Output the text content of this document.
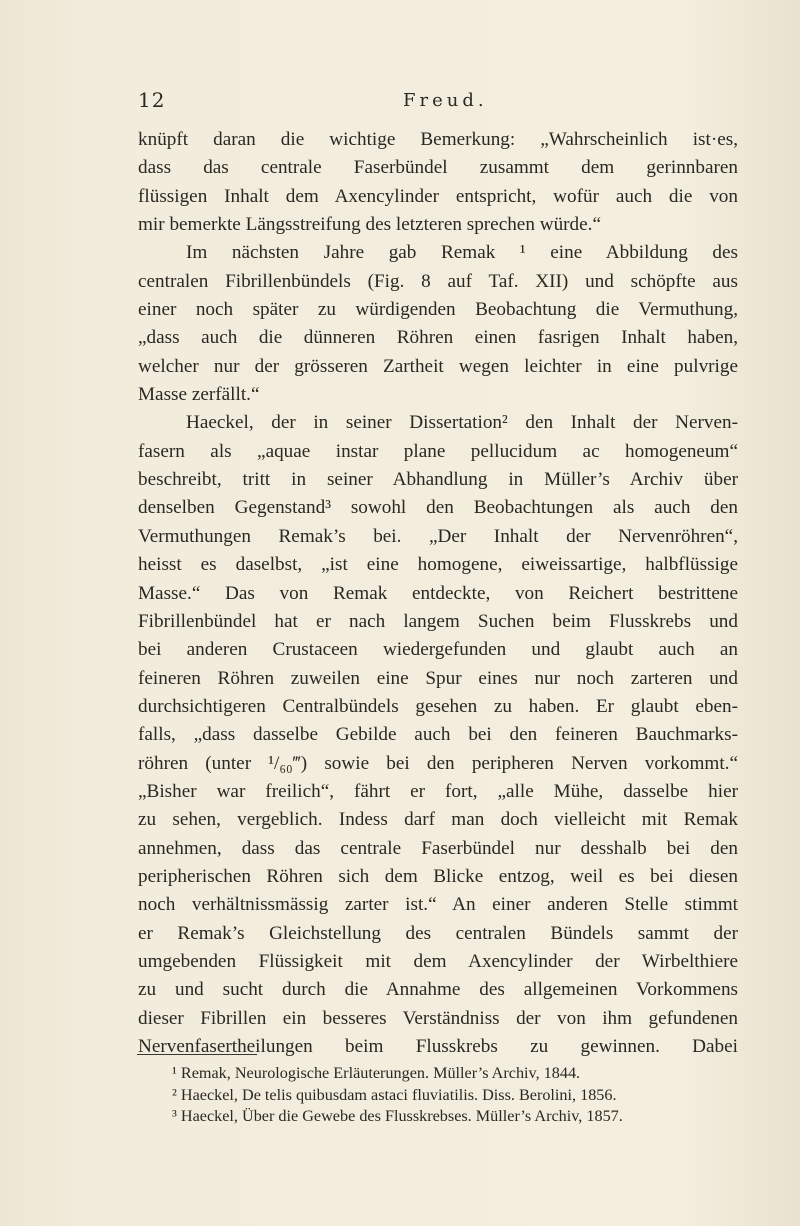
12	Freud.
knüpft daran die wichtige Bemerkung: „Wahrscheinlich ist·es,
dass das centrale Faserbündel zusammt dem gerinnbaren
flüssigen Inhalt dem Axencylinder entspricht, wofür auch die von
mir bemerkte Längsstreifung des letzteren sprechen würde.“
Im nächsten Jahre gab Remak ¹ eine Abbildung des
centralen Fibrillenbündels (Fig. 8 auf Taf. XII) und schöpfte aus
einer noch später zu würdigenden Beobachtung die Vermuthung,
„dass auch die dünneren Röhren einen fasrigen Inhalt haben,
welcher nur der grösseren Zartheit wegen leichter in eine pulvrige
Masse zerfällt.“
Haeckel, der in seiner Dissertation² den Inhalt der Nerven-
fasern als „aquae instar plane pellucidum ac homogeneum“
beschreibt, tritt in seiner Abhandlung in Müller’s Archiv über
denselben Gegenstand³ sowohl den Beobachtungen als auch den
Vermuthungen Remak’s bei. „Der Inhalt der Nervenröhren“,
heisst es daselbst, „ist eine homogene, eiweissartige, halbflüssige
Masse.“ Das von Remak entdeckte, von Reichert bestrittene
Fibrillenbündel hat er nach langem Suchen beim Flusskrebs und
bei anderen Crustaceen wiedergefunden und glaubt auch an
feineren Röhren zuweilen eine Spur eines nur noch zarteren und
durchsichtigeren Centralbündels gesehen zu haben. Er glaubt eben-
falls, „dass dasselbe Gebilde auch bei den feineren Bauchmarks-
röhren (unter ¹/₆₀‴) sowie bei den peripheren Nerven vorkommt.“
„Bisher war freilich“, fährt er fort, „alle Mühe, dasselbe hier
zu sehen, vergeblich. Indess darf man doch vielleicht mit Remak
annehmen, dass das centrale Faserbündel nur desshalb bei den
peripherischen Röhren sich dem Blicke entzog, weil es bei diesen
noch verhältnissmässig zarter ist.“ An einer anderen Stelle stimmt
er Remak’s Gleichstellung des centralen Bündels sammt der
umgebenden Flüssigkeit mit dem Axencylinder der Wirbelthiere
zu und sucht durch die Annahme des allgemeinen Vorkommens
dieser Fibrillen ein besseres Verständniss der von ihm gefundenen
Nervenfasertheilungen beim Flusskrebs zu gewinnen. Dabei
¹ Remak, Neurologische Erläuterungen. Müller’s Archiv, 1844.
² Haeckel, De telis quibusdam astaci fluviatilis. Diss. Berolini, 1856.
³ Haeckel, Über die Gewebe des Flusskrebses. Müller’s Archiv, 1857.
